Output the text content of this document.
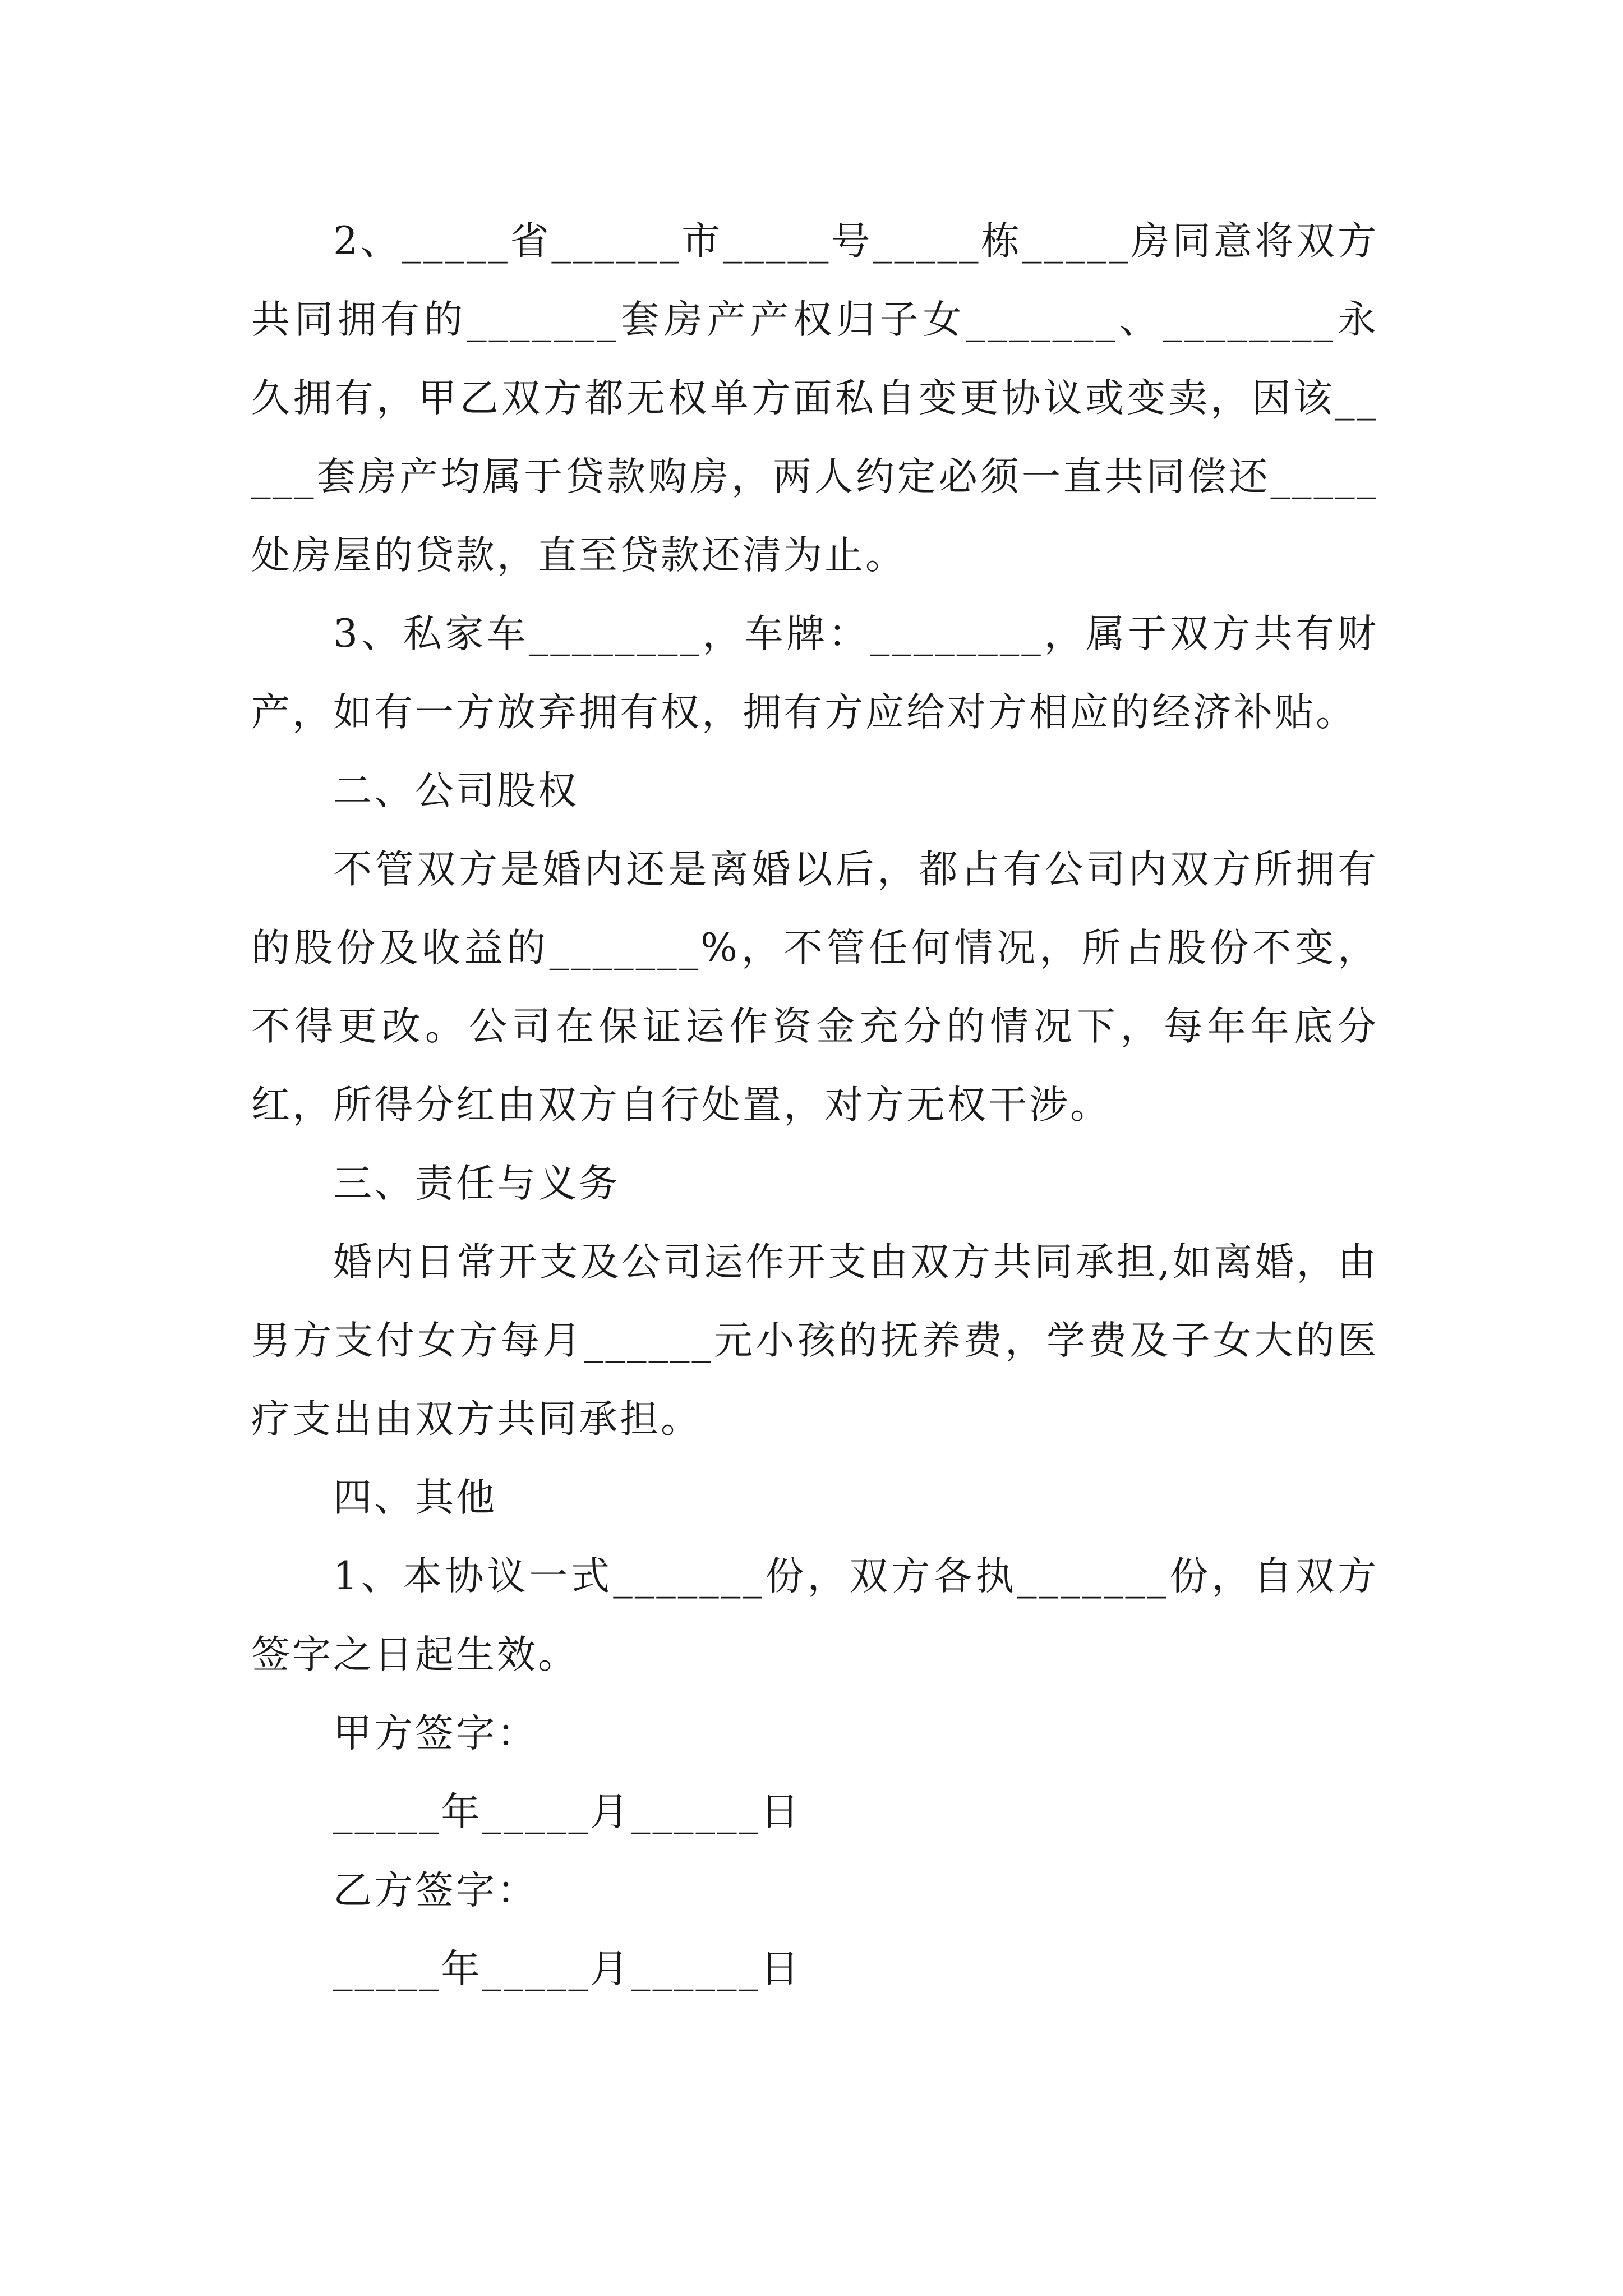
2、_____省______市_____号_____栋_____房同意将双方共同拥有的_______套房产产权归子女_______、________永久拥有，甲乙双方都无权单方面私自变更协议或变卖，因该_____套房产均属于贷款购房，两人约定必须一直共同偿还_____处房屋的贷款，直至贷款还清为止。

3、私家车________，车牌：________，属于双方共有财产，如有一方放弃拥有权，拥有方应给对方相应的经济补贴。

二、公司股权

不管双方是婚内还是离婚以后，都占有公司内双方所拥有的股份及收益的_______%，不管任何情况，所占股份不变，不得更改。公司在保证运作资金充分的情况下，每年年底分红，所得分红由双方自行处置，对方无权干涉。

三、责任与义务

婚内日常开支及公司运作开支由双方共同承担,如离婚，由男方支付女方每月______元小孩的抚养费，学费及子女大的医疗支出由双方共同承担。

四、其他

1、本协议一式_______份，双方各执_______份，自双方签字之日起生效。

甲方签字：

_____年_____月______日

乙方签字：

_____年_____月______日
